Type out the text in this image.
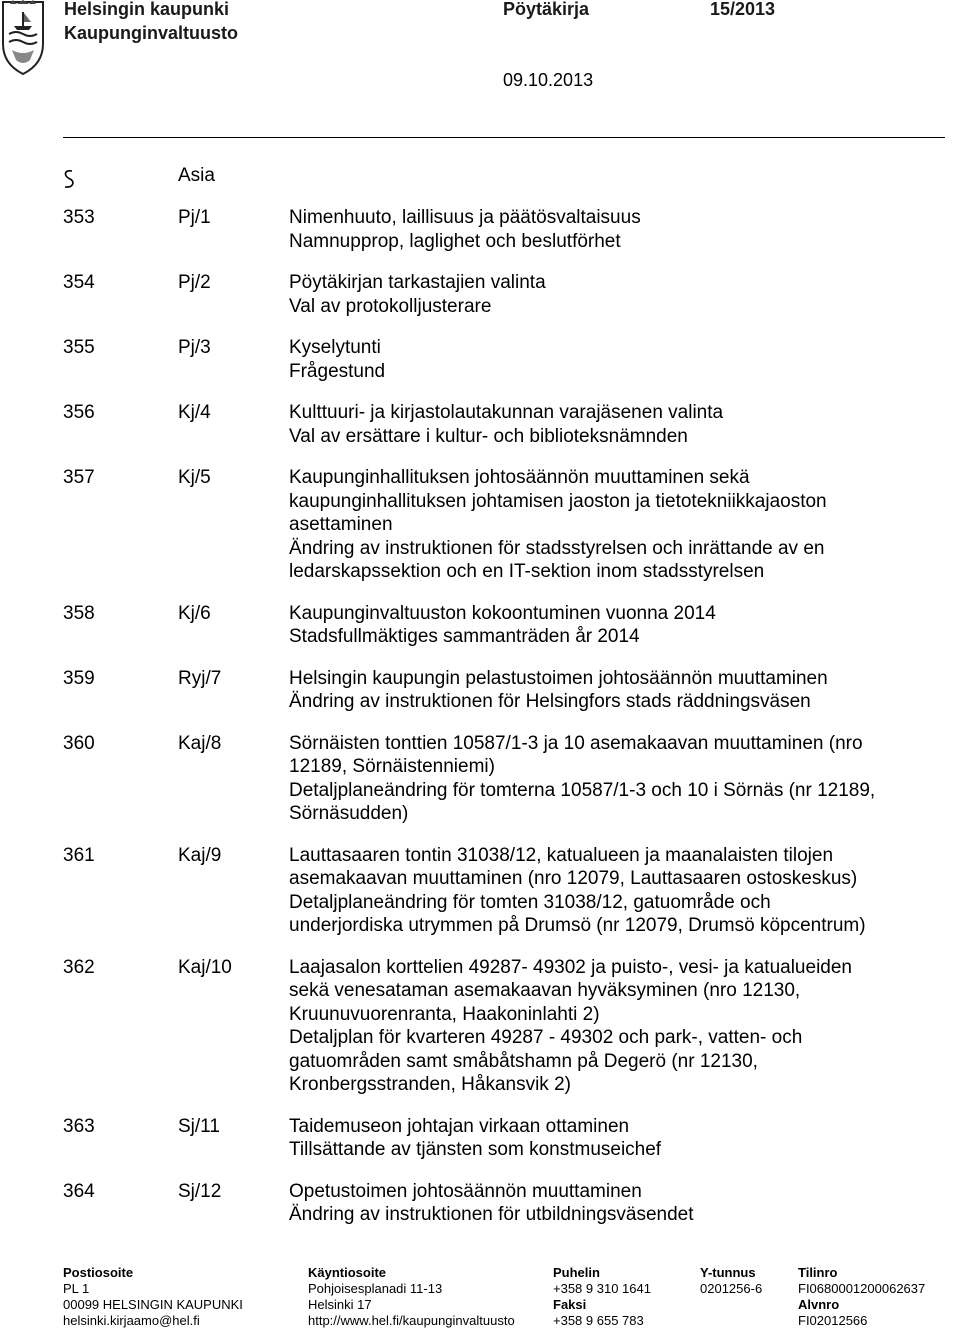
Helsingin kaupunki
Kaupunginvaltuusto
Pöytäkirja	15/2013
09.10.2013
Asia
353	Pj/1	Nimenhuuto, laillisuus ja päätösvaltaisuus
Namnupprop, laglighet och beslutförhet
354	Pj/2	Pöytäkirjan tarkastajien valinta
Val av protokolljusterare
355	Pj/3	Kyselytunti
Frågestund
356	Kj/4	Kulttuuri- ja kirjastolautakunnan varajäsenen valinta
Val av ersättare i kultur- och biblioteksnämnden
357	Kj/5	Kaupunginhallituksen johtosäännön muuttaminen sekä
kaupunginhallituksen johtamisen jaoston ja tietotekniikkajaoston
asettaminen
Ändring av instruktionen för stadsstyrelsen och inrättande av en
ledarskapssektion och en IT-sektion inom stadsstyrelsen
358	Kj/6	Kaupunginvaltuuston kokoontuminen vuonna 2014
Stadsfullmäktiges sammanträden år 2014
359	Ryj/7	Helsingin kaupungin pelastustoimen johtosäännön muuttaminen
Ändring av instruktionen för Helsingfors stads räddningsväsen
360	Kaj/8	Sörnäisten tonttien 10587/1-3 ja 10 asemakaavan muuttaminen (nro
12189, Sörnäistenniemi)
Detaljplaneändring för tomterna 10587/1-3 och 10 i Sörnäs (nr 12189,
Sörnäsudden)
361	Kaj/9	Lauttasaaren tontin 31038/12, katualueen ja maanalaisten tilojen
asemakaavan muuttaminen (nro 12079, Lauttasaaren ostoskeskus)
Detaljplaneändring för tomten 31038/12, gatuområde och
underjordiska utrymmen på Drumsö (nr 12079, Drumsö köpcentrum)
362	Kaj/10	Laajasalon korttelien 49287- 49302 ja puisto-, vesi- ja katualueiden
sekä venesataman asemakaavan hyväksyminen (nro 12130,
Kruunuvuorenranta, Haakoninlahti 2)
Detaljplan för kvarteren 49287 - 49302 och park-, vatten- och
gatuområden samt småbåtshamn på Degerö (nr 12130,
Kronbergsstranden, Håkansvik 2)
363	Sj/11	Taidemuseon johtajan virkaan ottaminen
Tillsättande av tjänsten som konstmuseichef
364	Sj/12	Opetustoimen johtosäännön muuttaminen
Ändring av instruktionen för utbildningsväsendet
Postiosoite
PL 1
00099 HELSINGIN KAUPUNKI
helsinki.kirjaamo@hel.fi
Käyntiosoite
Pohjoisesplanadi 11-13
Helsinki 17
http://www.hel.fi/kaupunginvaltuusto
Puhelin
+358 9 310 1641
Faksi
+358 9 655 783
Y-tunnus
0201256-6
Tilinro
FI0680001200062637
Alvnro
FI02012566
